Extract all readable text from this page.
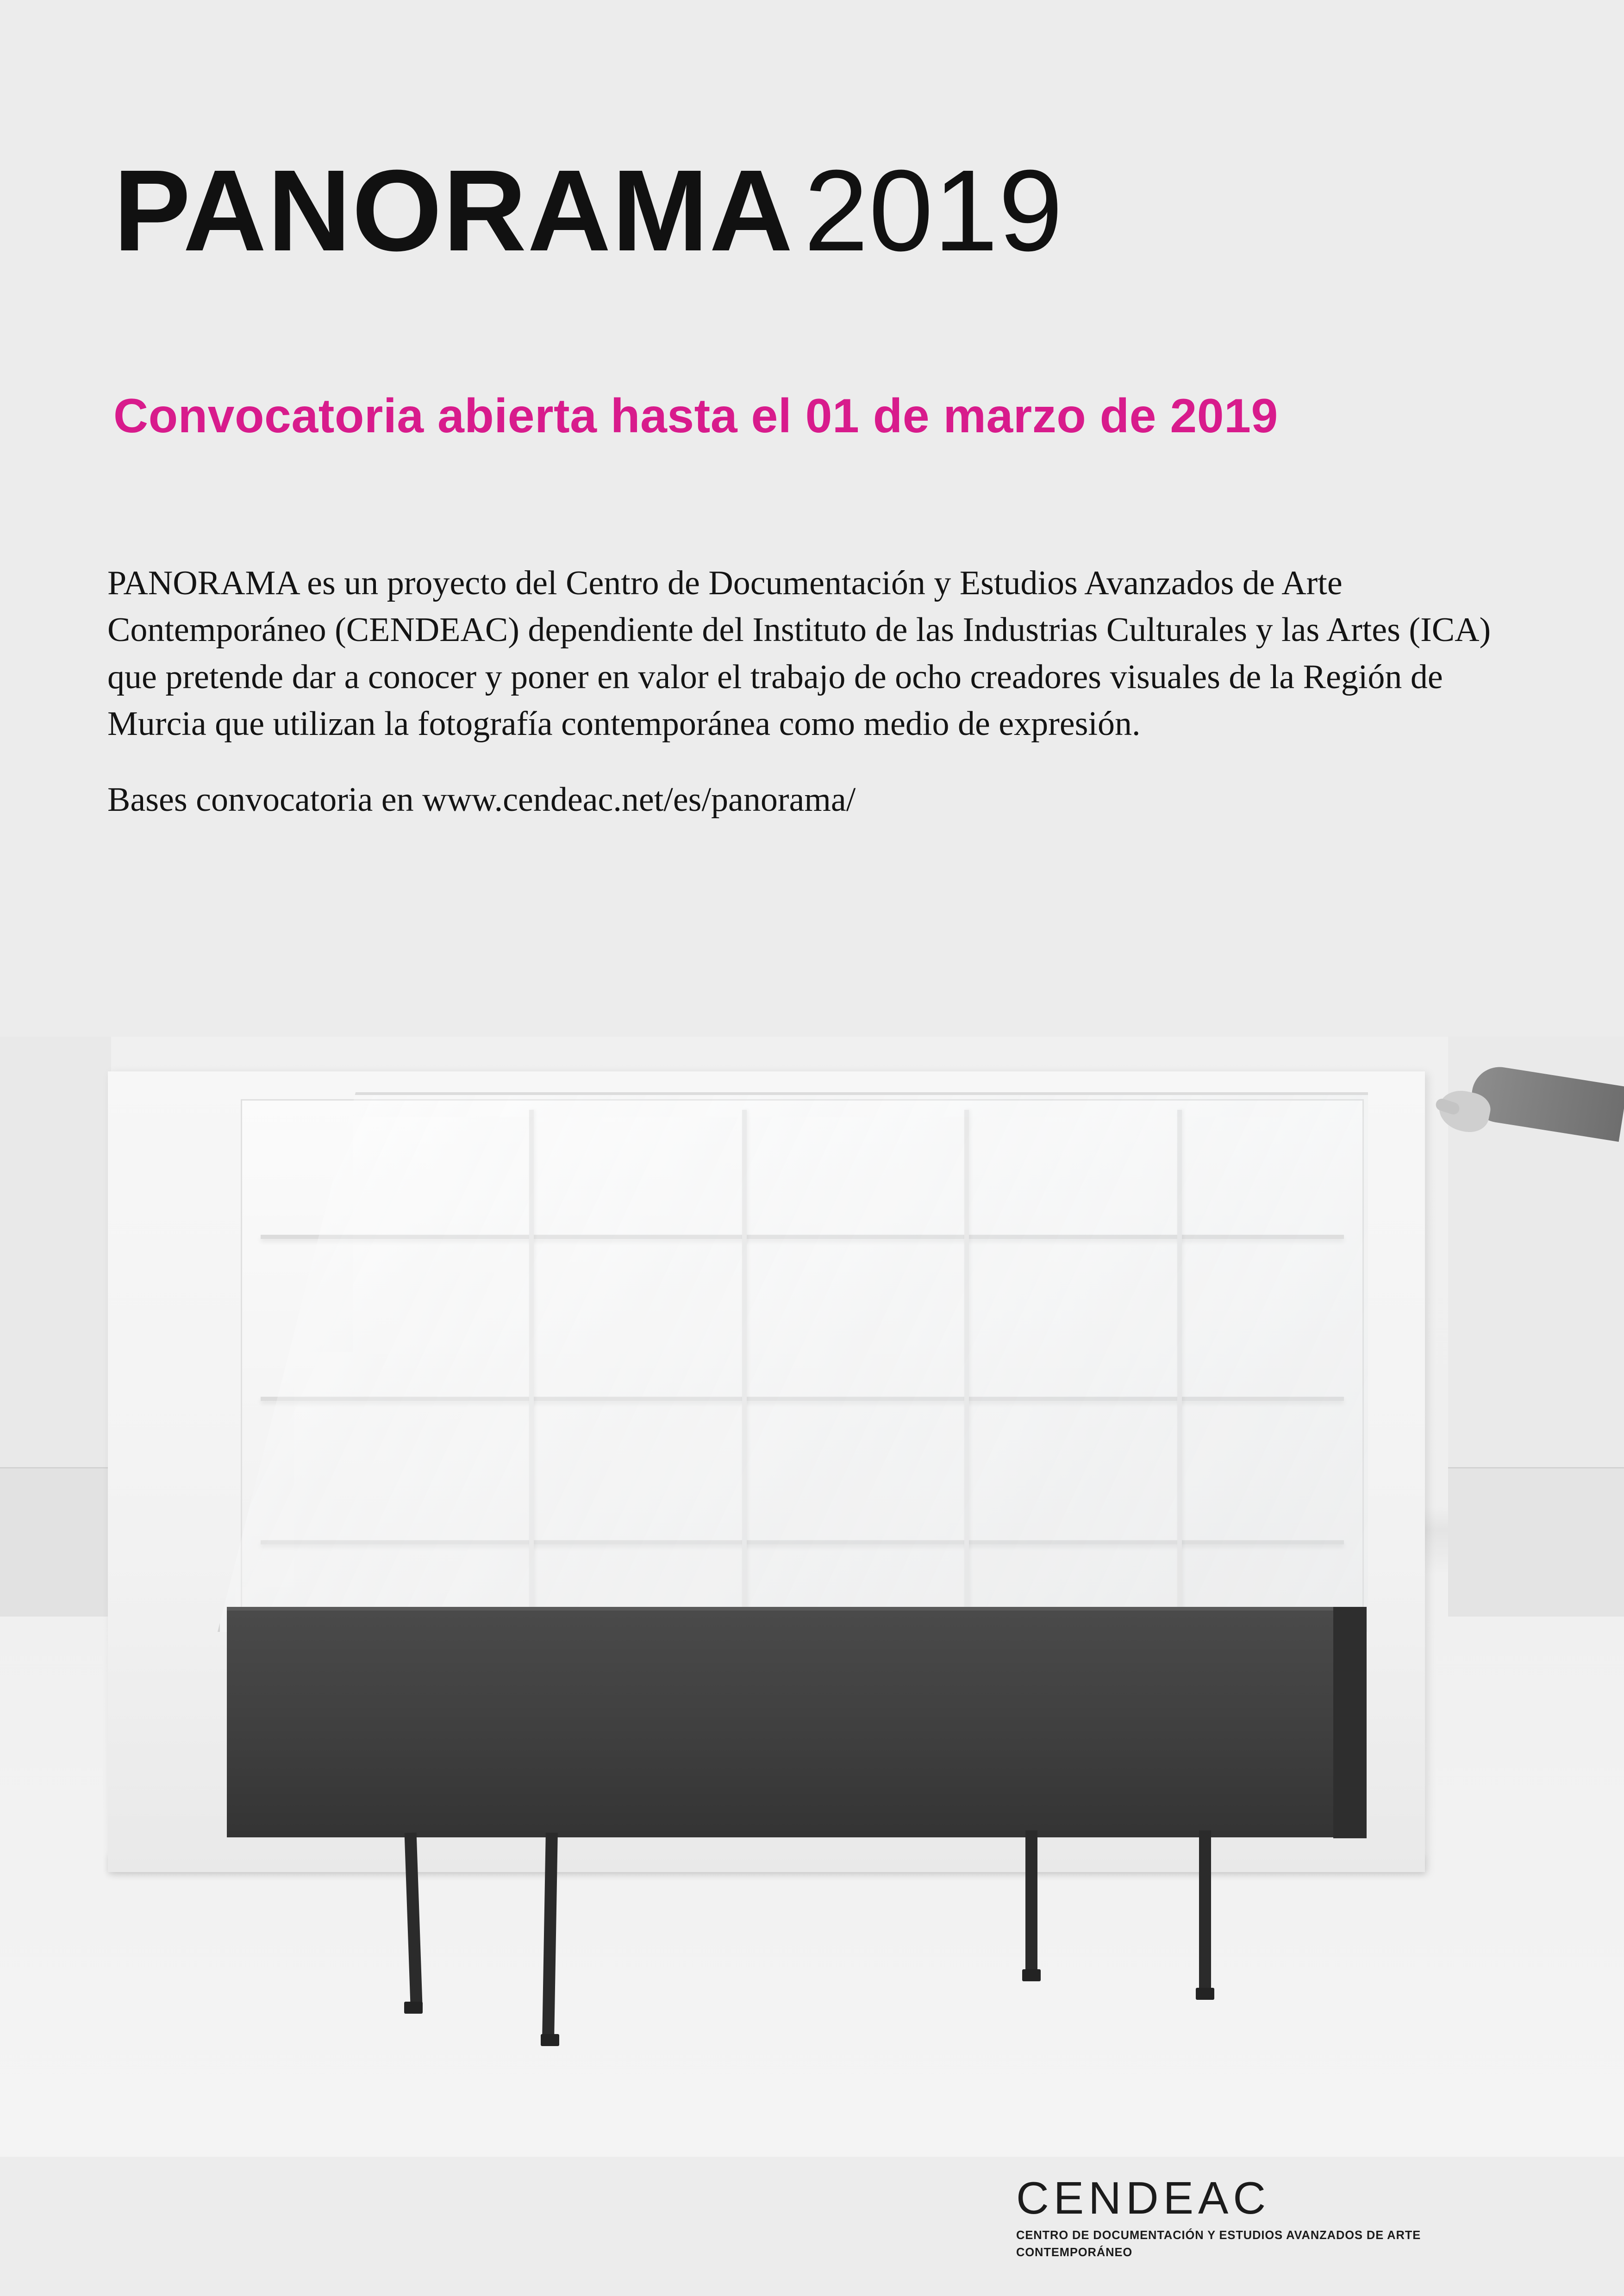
PANORAMA2019
Convocatoria abierta hasta el 01 de marzo de 2019

PANORAMA es un proyecto del Centro de Documentación y Estudios Avanzados de Arte Contemporáneo (CENDEAC) dependiente del Instituto de las Industrias Culturales y las Artes (ICA) que pretende dar a conocer y poner en valor el trabajo de ocho creadores visuales de la Región de Murcia que utilizan la fotografía contemporánea como medio de expresión.

Bases convocatoria en www.cendeac.net/es/panorama/

CENDEAC
CENTRO DE DOCUMENTACIÓN Y ESTUDIOS AVANZADOS DE ARTE CONTEMPORÁNEO
